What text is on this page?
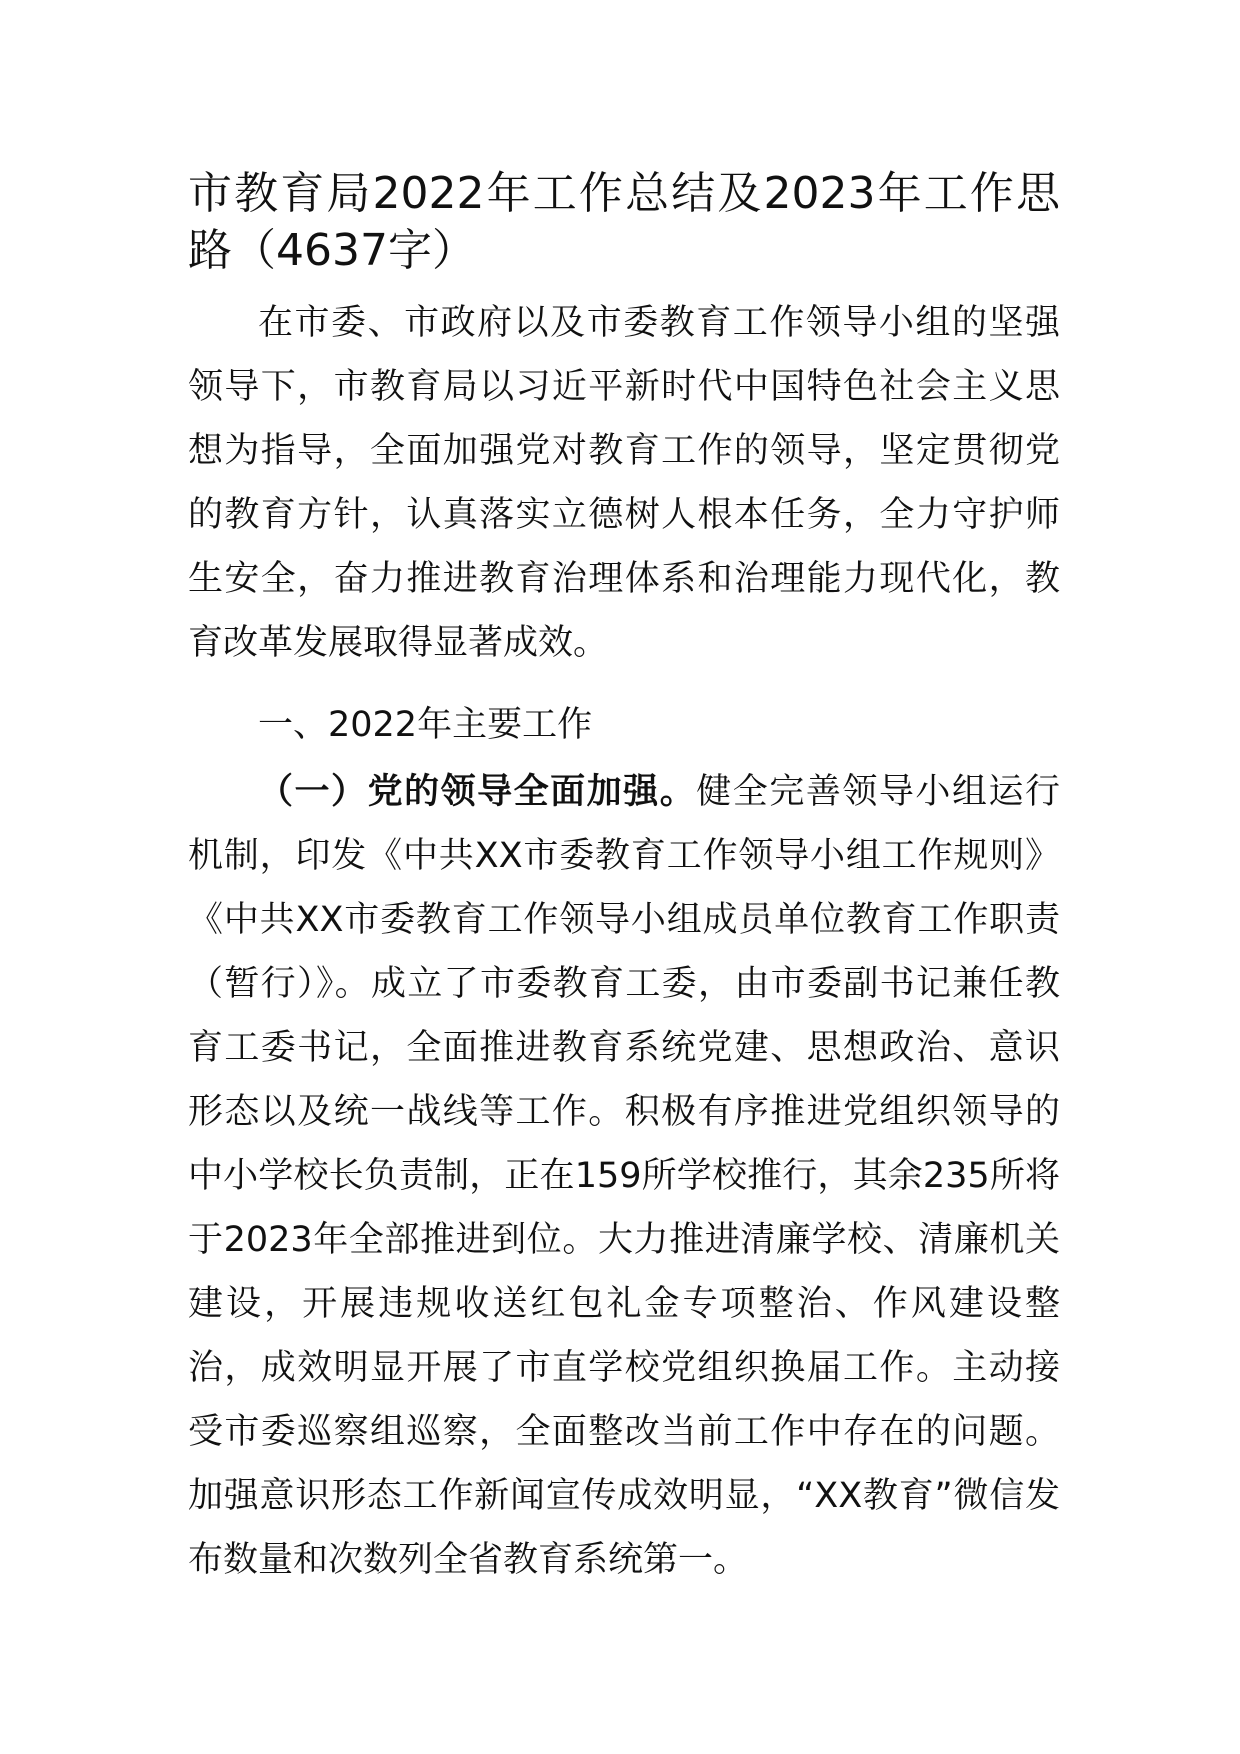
市教育局2022年工作总结及2023年工作思路（4637字）

在市委、市政府以及市委教育工作领导小组的坚强领导下，市教育局以习近平新时代中国特色社会主义思想为指导，全面加强党对教育工作的领导，坚定贯彻党的教育方针，认真落实立德树人根本任务，全力守护师生安全，奋力推进教育治理体系和治理能力现代化，教育改革发展取得显著成效。

一、2022年主要工作

（一）党的领导全面加强。健全完善领导小组运行机制，印发《中共XX市委教育工作领导小组工作规则》《中共XX市委教育工作领导小组成员单位教育工作职责（暂行）》。成立了市委教育工委，由市委副书记兼任教育工委书记，全面推进教育系统党建、思想政治、意识形态以及统一战线等工作。积极有序推进党组织领导的中小学校长负责制，正在159所学校推行，其余235所将于2023年全部推进到位。大力推进清廉学校、清廉机关建设，开展违规收送红包礼金专项整治、作风建设整治，成效明显开展了市直学校党组织换届工作。主动接受市委巡察组巡察，全面整改当前工作中存在的问题。加强意识形态工作新闻宣传成效明显，“XX教育”微信发布数量和次数列全省教育系统第一。
